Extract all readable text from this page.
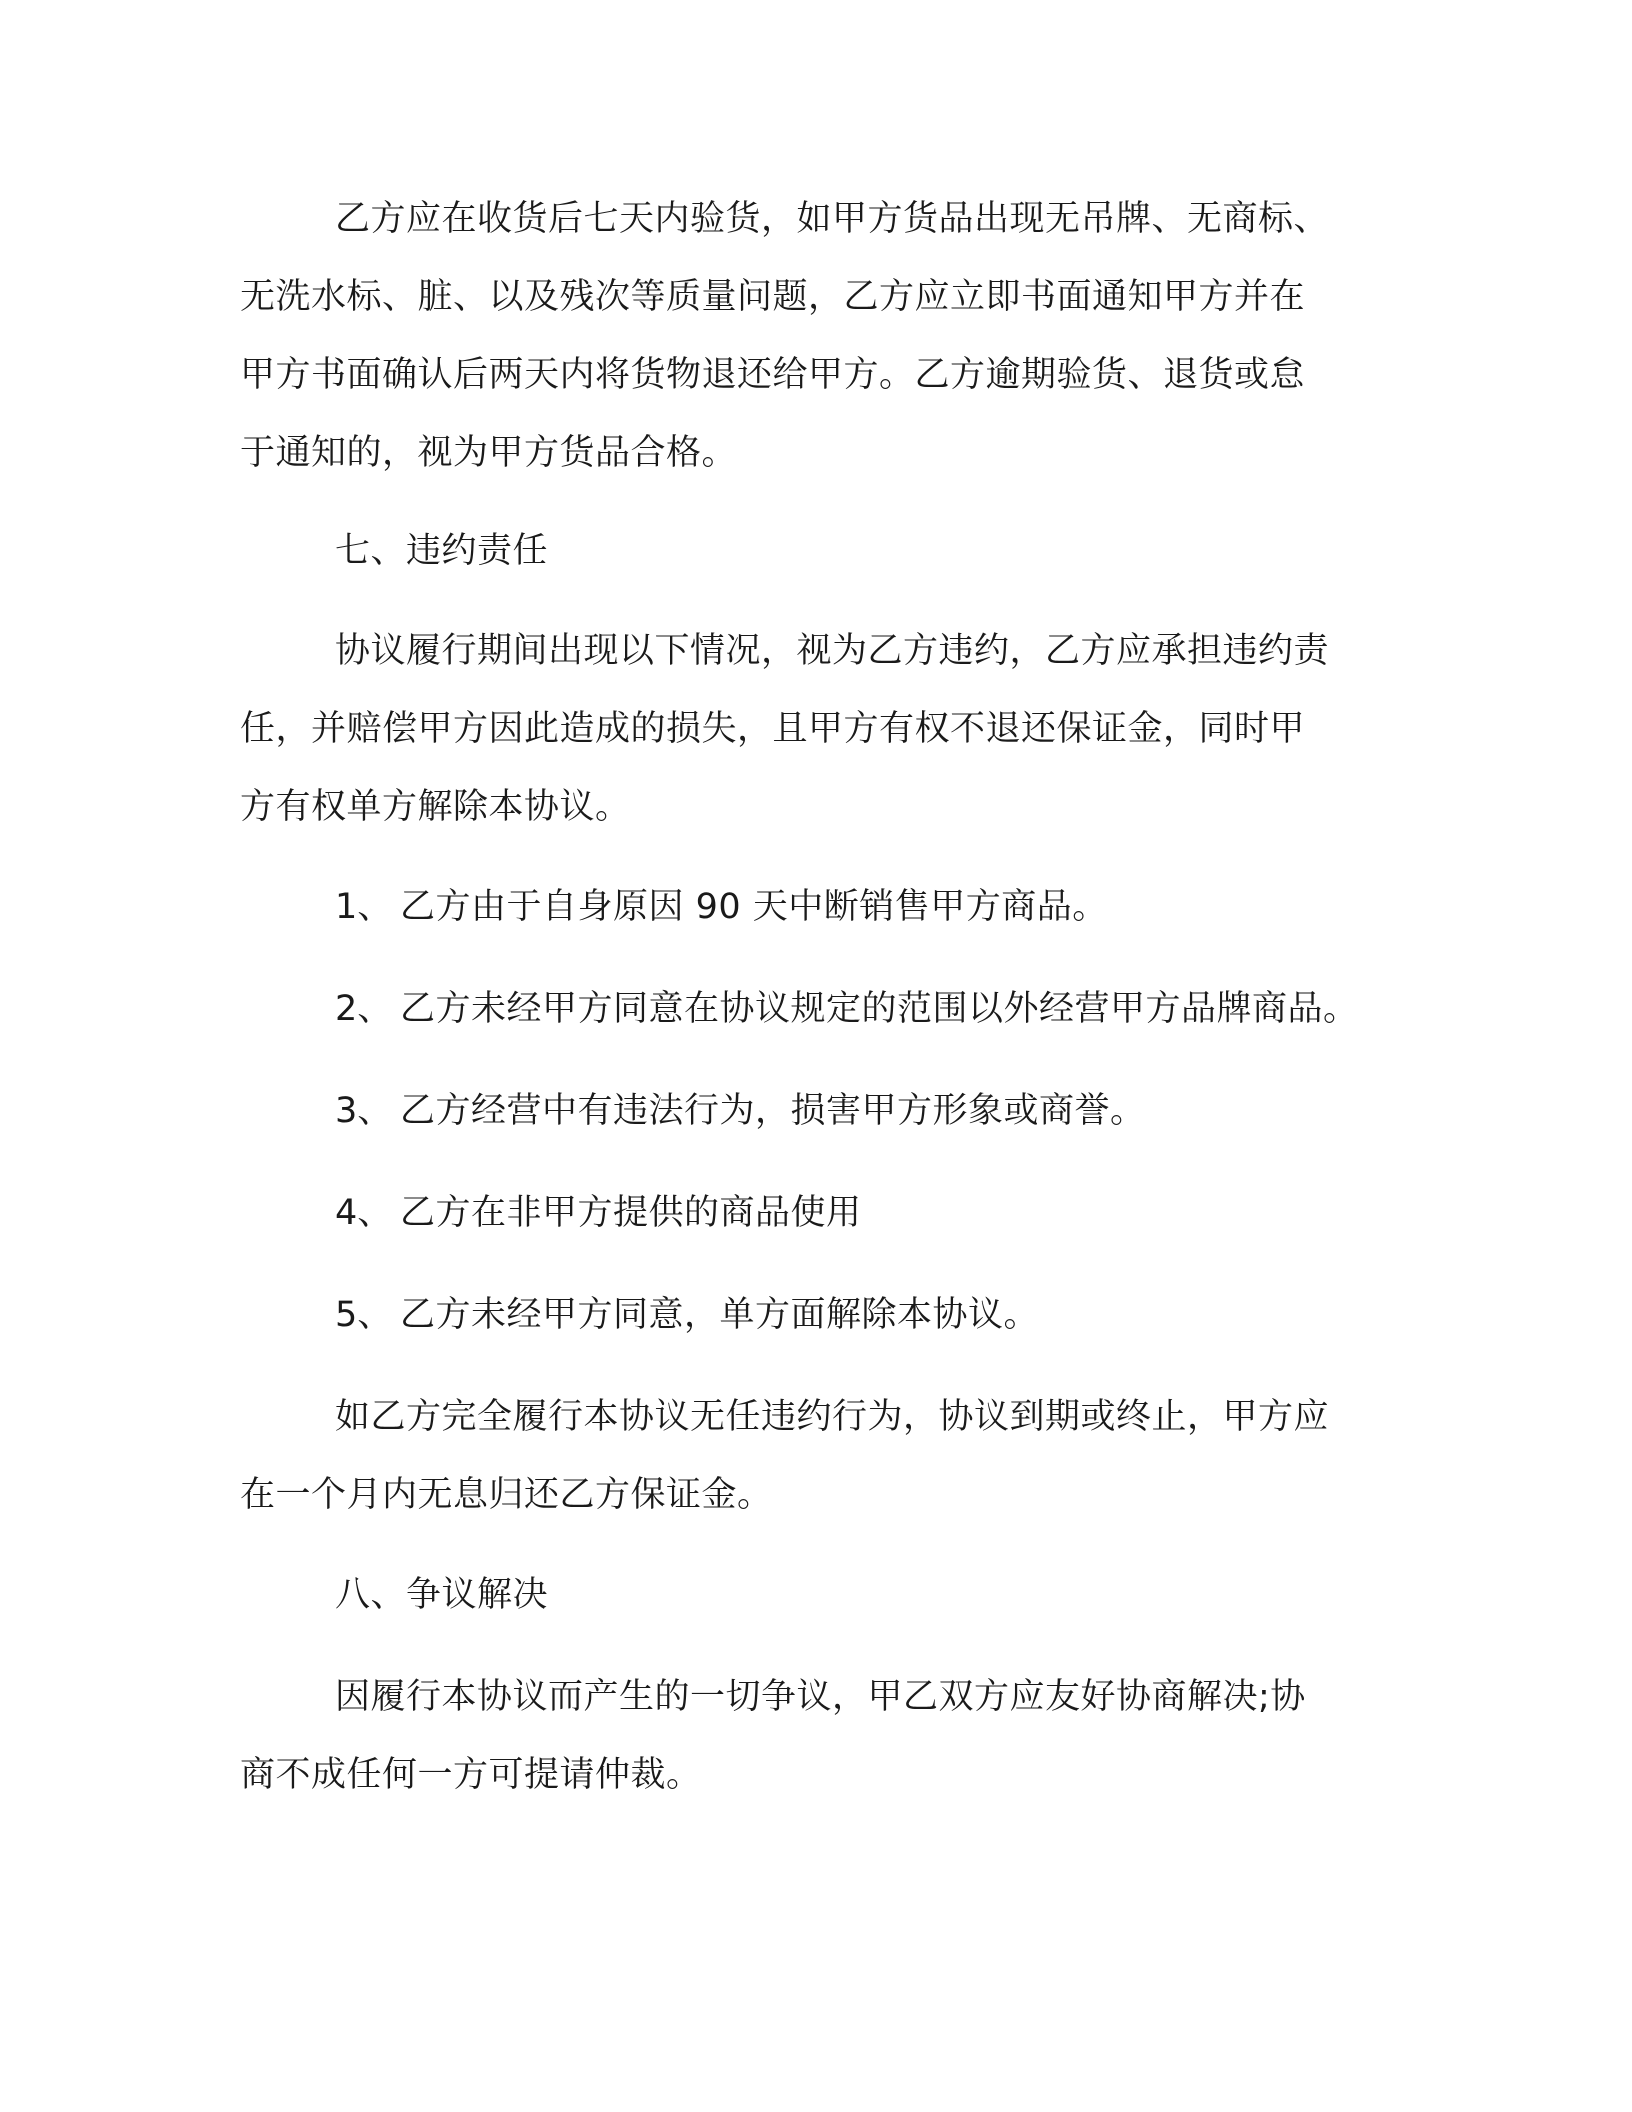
乙方应在收货后七天内验货，如甲方货品出现无吊牌、无商标、
无洗水标、脏、以及残次等质量问题，乙方应立即书面通知甲方并在
甲方书面确认后两天内将货物退还给甲方。乙方逾期验货、退货或怠
于通知的，视为甲方货品合格。
七、违约责任
协议履行期间出现以下情况，视为乙方违约，乙方应承担违约责
任，并赔偿甲方因此造成的损失，且甲方有权不退还保证金，同时甲
方有权单方解除本协议。
1、 乙方由于自身原因 90 天中断销售甲方商品。
2、 乙方未经甲方同意在协议规定的范围以外经营甲方品牌商品。
3、 乙方经营中有违法行为，损害甲方形象或商誉。
4、 乙方在非甲方提供的商品使用
5、 乙方未经甲方同意，单方面解除本协议。
如乙方完全履行本协议无任违约行为，协议到期或终止，甲方应
在一个月内无息归还乙方保证金。
八、争议解决
因履行本协议而产生的一切争议，甲乙双方应友好协商解决;协
商不成任何一方可提请仲裁。
